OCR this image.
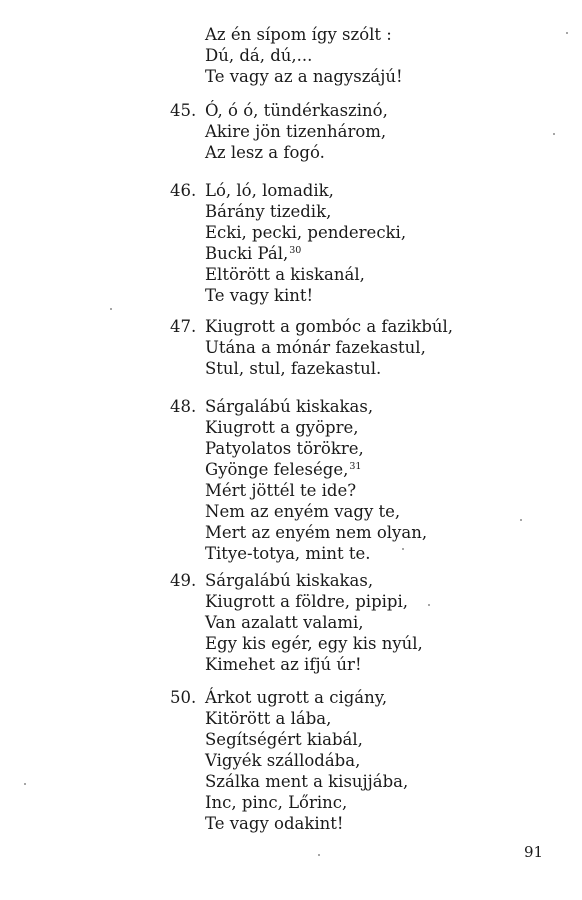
Az én sípom így szólt :
Dú, dá, dú,...
Te vagy az a nagyszájú!
45. Ó, ó ó, tündérkaszinó,
Akire jön tizenhárom,
Az lesz a fogó.
46. Ló, ló, lomadik,
Bárány tizedik,
Ecki, pecki, penderecki,
Bucki Pál,$^{30}$
Eltörött a kiskanál,
Te vagy kint!
47. Kiugrott a gombóc a fazikbúl,
Utána a mónár fazekastul,
Stul, stul, fazekastul.
48. Sárgalábú kiskakas,
Kiugrott a gyöpre,
Patyolatos törökre,
Gyönge felesége,$^{31}$
Mért jöttél te ide?
Nem az enyém vagy te,
Mert az enyém nem olyan,
Titye-totya, mint te.
49. Sárgalábú kiskakas,
Kiugrott a földre, pipipi,
Van azalatt valami,
Egy kis egér, egy kis nyúl,
Kimehet az ifjú úr!
50. Árkot ugrott a cigány,
Kitörött a lába,
Segítségért kiabál,
Vigyék szállodába,
Szálka ment a kisujjába,
Inc, pinc, Lőrinc,
Te vagy odakint!
91
